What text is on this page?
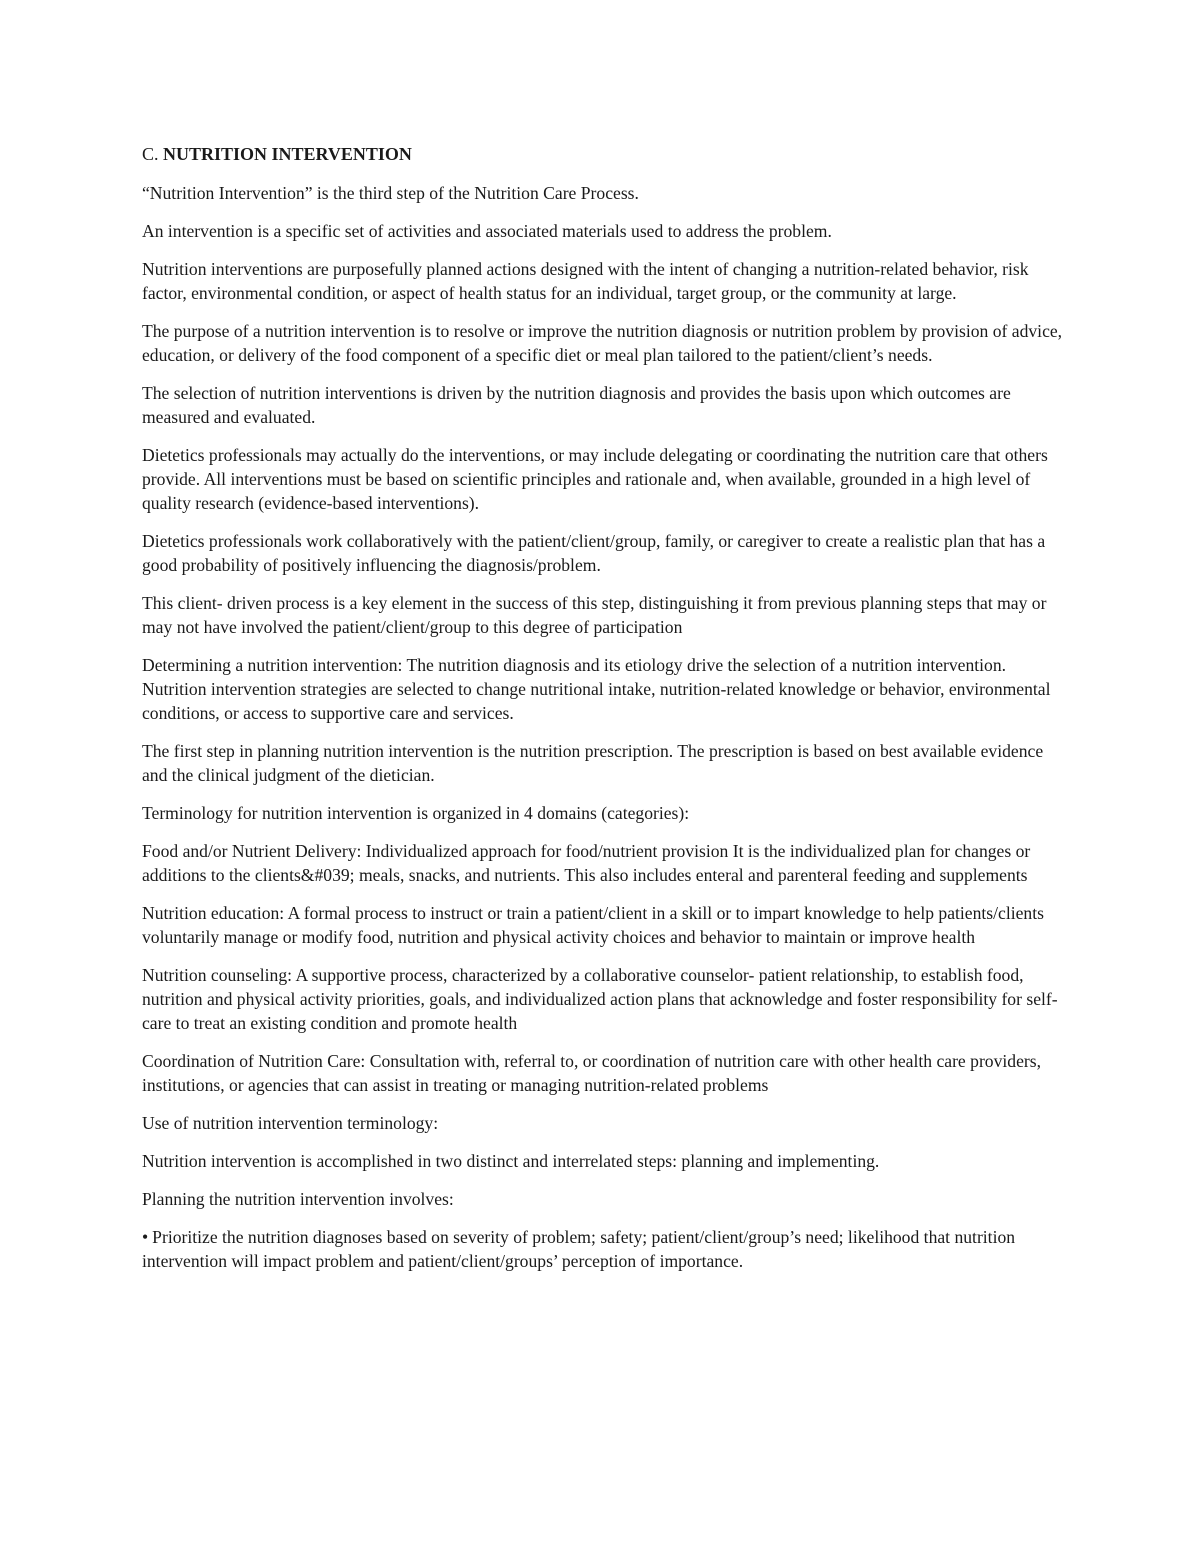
C. NUTRITION INTERVENTION

“Nutrition Intervention” is the third step of the Nutrition Care Process.

An intervention is a specific set of activities and associated materials used to address the problem.

Nutrition interventions are purposefully planned actions designed with the intent of changing a nutrition-related behavior, risk factor, environmental condition, or aspect of health status for an individual, target group, or the community at large.

The purpose of a nutrition intervention is to resolve or improve the nutrition diagnosis or nutrition problem by provision of advice, education, or delivery of the food component of a specific diet or meal plan tailored to the patient/client’s needs.

The selection of nutrition interventions is driven by the nutrition diagnosis and provides the basis upon which outcomes are measured and evaluated.

Dietetics professionals may actually do the interventions, or may include delegating or coordinating the nutrition care that others provide. All interventions must be based on scientific principles and rationale and, when available, grounded in a high level of quality research (evidence-based interventions).

Dietetics professionals work collaboratively with the patient/client/group, family, or caregiver to create a realistic plan that has a good probability of positively influencing the diagnosis/problem.

This client- driven process is a key element in the success of this step, distinguishing it from previous planning steps that may or may not have involved the patient/client/group to this degree of participation

Determining a nutrition intervention: The nutrition diagnosis and its etiology drive the selection of a nutrition intervention. Nutrition intervention strategies are selected to change nutritional intake, nutrition-related knowledge or behavior, environmental conditions, or access to supportive care and services.

The first step in planning nutrition intervention is the nutrition prescription. The prescription is based on best available evidence and the clinical judgment of the dietician.

Terminology for nutrition intervention is organized in 4 domains (categories):

Food and/or Nutrient Delivery: Individualized approach for food/nutrient provision It is the individualized plan for changes or additions to the clients&#039; meals, snacks, and nutrients. This also includes enteral and parenteral feeding and supplements

Nutrition education: A formal process to instruct or train a patient/client in a skill or to impart knowledge to help patients/clients voluntarily manage or modify food, nutrition and physical activity choices and behavior to maintain or improve health

Nutrition counseling: A supportive process, characterized by a collaborative counselor- patient relationship, to establish food, nutrition and physical activity priorities, goals, and individualized action plans that acknowledge and foster responsibility for self-care to treat an existing condition and promote health

Coordination of Nutrition Care: Consultation with, referral to, or coordination of nutrition care with other health care providers, institutions, or agencies that can assist in treating or managing nutrition-related problems

Use of nutrition intervention terminology:

Nutrition intervention is accomplished in two distinct and interrelated steps: planning and implementing.

Planning the nutrition intervention involves:

• Prioritize the nutrition diagnoses based on severity of problem; safety; patient/client/group’s need; likelihood that nutrition intervention will impact problem and patient/client/groups’ perception of importance.
